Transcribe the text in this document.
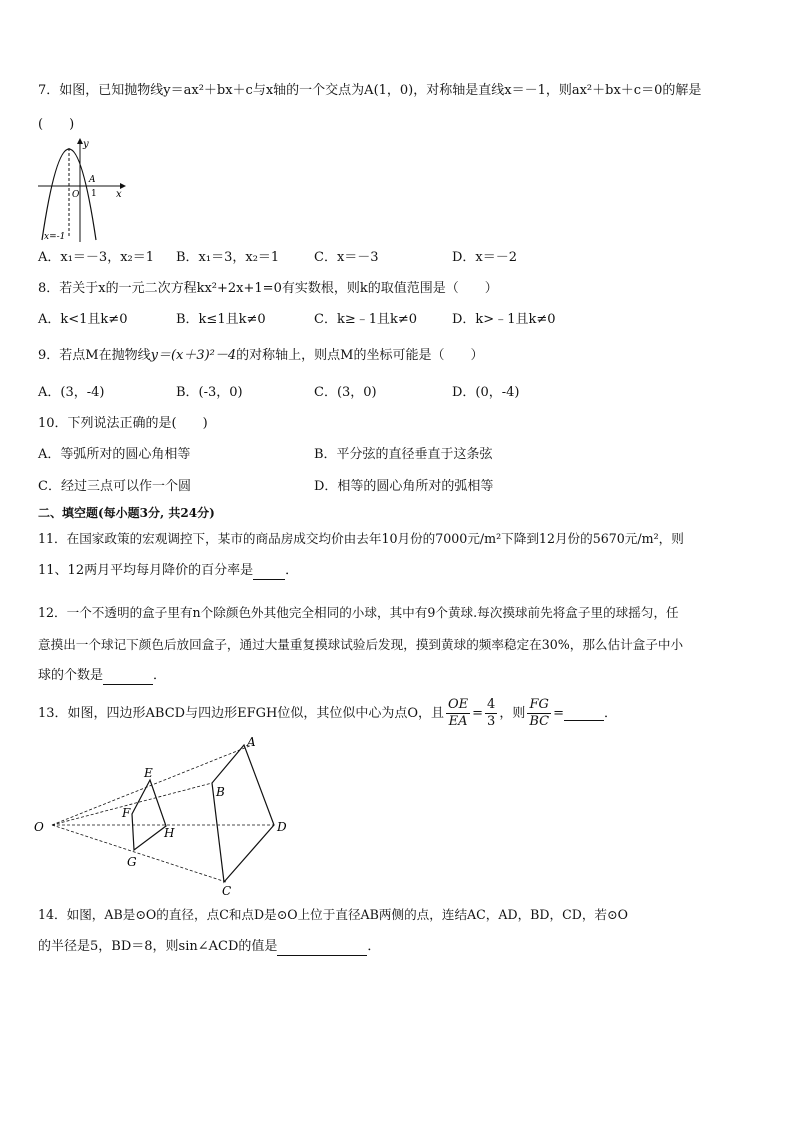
7．如图，已知抛物线y＝ax²＋bx＋c与x轴的一个交点为A(1，0)，对称轴是直线x＝－1，则ax²＋bx＋c＝0的解是
(　　)
y
x
A
O 1
x=-1
A．x₁＝－3，x₂＝1 B．x₁＝3，x₂＝1	C．x＝－3	D．x＝－2
8．若关于x的一元二次方程kx²+2x+1=0有实数根，则k的取值范围是（　　）
A．k<1且k≠0	B．k≤1且k≠0	C．k≥﹣1且k≠0	D．k>﹣1且k≠0
9．若点M在抛物线y＝(x＋3)²－4的对称轴上，则点M的坐标可能是（　　）
A．(3，-4)	B．(-3，0)	C．(3，0)	D．(0，-4)
10．下列说法正确的是(　　)
A．等弧所对的圆心角相等	B．平分弦的直径垂直于这条弦
C．经过三点可以作一个圆	D．相等的圆心角所对的弧相等
二、填空题(每小题3分, 共24分)
11．在国家政策的宏观调控下，某市的商品房成交均价由去年10月份的7000元/m²下降到12月份的5670元/m²，则
11、12两月平均每月降价的百分率是 ．
12．一个不透明的盒子里有n个除颜色外其他完全相同的小球，其中有9个黄球.每次摸球前先将盒子里的球摇匀，任
意摸出一个球记下颜色后放回盒子，通过大量重复摸球试验后发现，摸到黄球的频率稳定在30%，那么估计盒子中小
球的个数是	．
13．如图，四边形ABCD与四边形EFGH位似，其位似中心为点O，且 $\frac{OE}{EA} = \frac{4}{3}$ ，则 $\frac{FG}{BC}$ =	．
O
A
B
C
D
E
F
G
H
14．如图，AB是⊙O的直径，点C和点D是⊙O上位于直径AB两侧的点，连结AC，AD，BD，CD，若⊙O
的半径是5，BD＝8，则sin∠ACD的值是	．
